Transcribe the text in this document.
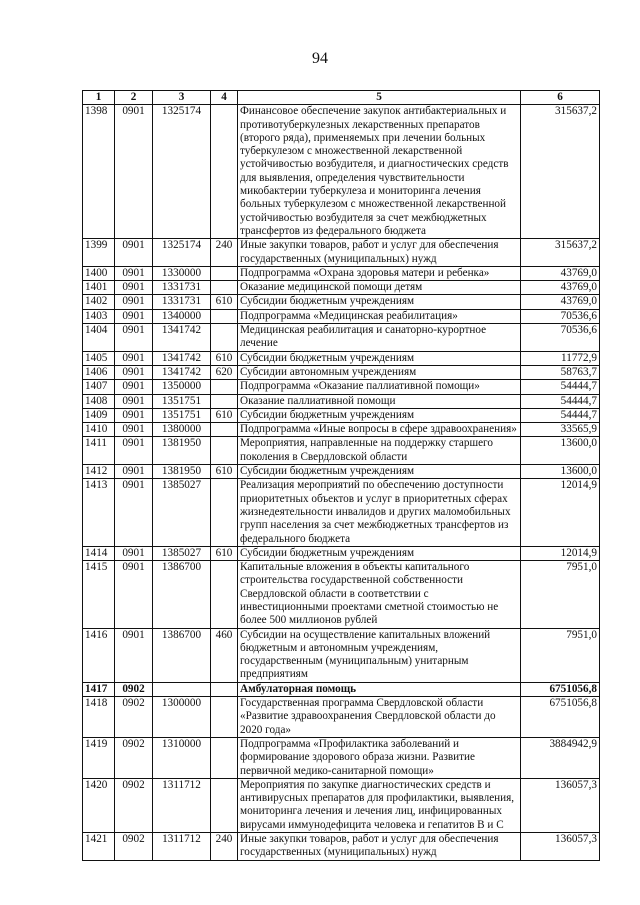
94
1	2	3	4	5	6
1398	0901	1325174		Финансовое обеспечение закупок антибактериальных и противотуберкулезных лекарственных препаратов (второго ряда), применяемых при лечении больных туберкулезом с множественной лекарственной устойчивостью возбудителя, и диагностических средств для выявления, определения чувствительности микобактерии туберкулеза и мониторинга лечения больных туберкулезом с множественной лекарственной устойчивостью возбудителя за счет межбюджетных трансфертов из федерального бюджета	315637,2
1399	0901	1325174	240	Иные закупки товаров, работ и услуг для обеспечения государственных (муниципальных) нужд	315637,2
1400	0901	1330000		Подпрограмма «Охрана здоровья матери и ребенка»	43769,0
1401	0901	1331731		Оказание медицинской помощи детям	43769,0
1402	0901	1331731	610	Субсидии бюджетным учреждениям	43769,0
1403	0901	1340000		Подпрограмма «Медицинская реабилитация»	70536,6
1404	0901	1341742		Медицинская реабилитация и санаторно-курортное лечение	70536,6
1405	0901	1341742	610	Субсидии бюджетным учреждениям	11772,9
1406	0901	1341742	620	Субсидии автономным учреждениям	58763,7
1407	0901	1350000		Подпрограмма «Оказание паллиативной помощи»	54444,7
1408	0901	1351751		Оказание паллиативной помощи	54444,7
1409	0901	1351751	610	Субсидии бюджетным учреждениям	54444,7
1410	0901	1380000		Подпрограмма «Иные вопросы в сфере здравоохранения»	33565,9
1411	0901	1381950		Мероприятия, направленные на поддержку старшего поколения в Свердловской области	13600,0
1412	0901	1381950	610	Субсидии бюджетным учреждениям	13600,0
1413	0901	1385027		Реализация мероприятий по обеспечению доступности приоритетных объектов и услуг в приоритетных сферах жизнедеятельности инвалидов и других маломобильных групп населения за счет межбюджетных трансфертов из федерального бюджета	12014,9
1414	0901	1385027	610	Субсидии бюджетным учреждениям	12014,9
1415	0901	1386700		Капитальные вложения в объекты капитального строительства государственной собственности Свердловской области в соответствии с инвестиционными проектами сметной стоимостью не более 500 миллионов рублей	7951,0
1416	0901	1386700	460	Субсидии на осуществление капитальных вложений бюджетным и автономным учреждениям, государственным (муниципальным) унитарным предприятиям	7951,0
1417	0902			Амбулаторная помощь	6751056,8
1418	0902	1300000		Государственная программа Свердловской области «Развитие здравоохранения Свердловской области до 2020 года»	6751056,8
1419	0902	1310000		Подпрограмма «Профилактика заболеваний и формирование здорового образа жизни. Развитие первичной медико-санитарной помощи»	3884942,9
1420	0902	1311712		Мероприятия по закупке диагностических средств и антивирусных препаратов для профилактики, выявления, мониторинга лечения и лечения лиц, инфицированных вирусами иммунодефицита человека и гепатитов В и С	136057,3
1421	0902	1311712	240	Иные закупки товаров, работ и услуг для обеспечения государственных (муниципальных) нужд	136057,3
